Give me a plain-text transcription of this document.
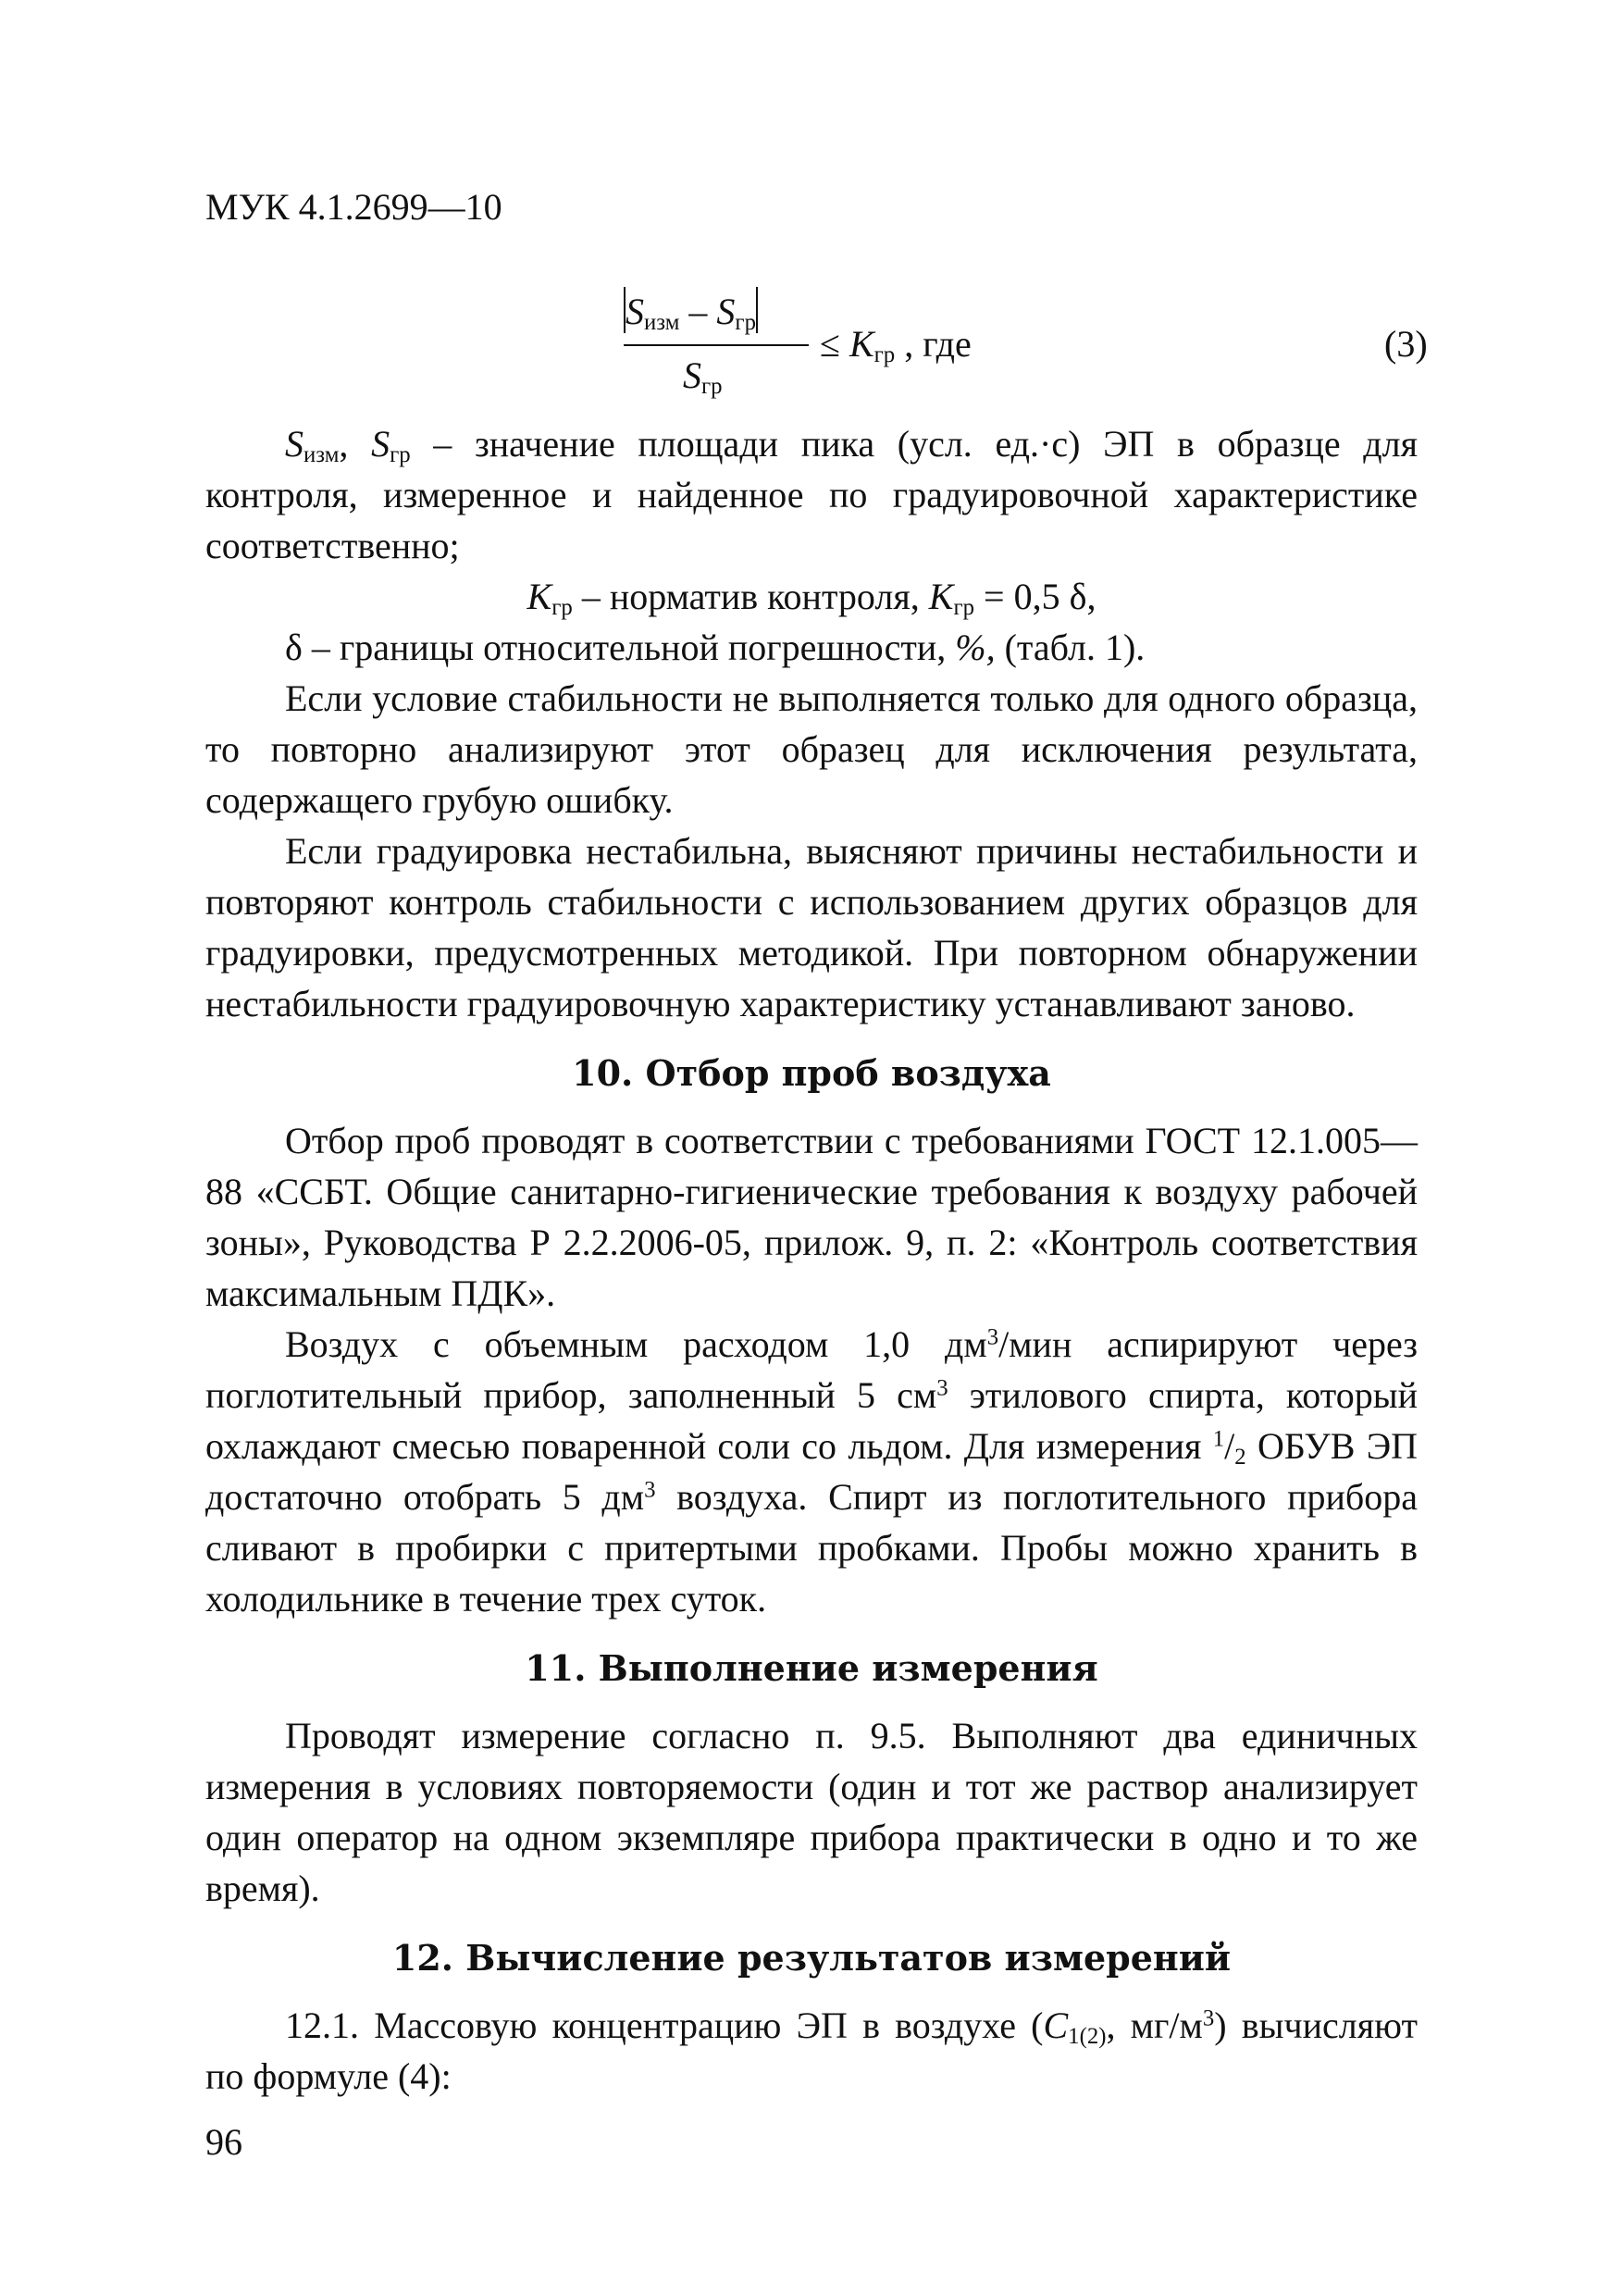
МУК 4.1.2699—10
$S_{изм} - S_{гр}$
$S_{гр}$
≤ $K_{гр}$ , где	(3)

$S_{изм}$, $S_{гр}$ – значение площади пика (усл. ед.·с) ЭП в образце для контроля, измеренное и найденное по градуировочной характеристике соответственно;

$K_{гр}$ – норматив контроля, $K_{гр} = 0,5$ δ,

δ – границы относительной погрешности, %, (табл. 1).

Если условие стабильности не выполняется только для одного образца, то повторно анализируют этот образец для исключения результата, содержащего грубую ошибку.

Если градуировка нестабильна, выясняют причины нестабильности и повторяют контроль стабильности с использованием других образцов для градуировки, предусмотренных методикой. При повторном обнаружении нестабильности градуировочную характеристику устанавливают заново.

10. Отбор проб воздуха

Отбор проб проводят в соответствии с требованиями ГОСТ 12.1.005—88 «ССБТ. Общие санитарно-гигиенические требования к воздуху рабочей зоны», Руководства Р 2.2.2006-05, прилож. 9, п. 2: «Контроль соответствия максимальным ПДК».

Воздух с объемным расходом 1,0 $дм^3$/мин аспирируют через поглотительный прибор, заполненный 5 $см^3$ этилового спирта, который охлаждают смесью поваренной соли со льдом. Для измерения $^1/_2$ ОБУВ ЭП достаточно отобрать 5 $дм^3$ воздуха. Спирт из поглотительного прибора сливают в пробирки с притертыми пробками. Пробы можно хранить в холодильнике в течение трех суток.

11. Выполнение измерения

Проводят измерение согласно п. 9.5. Выполняют два единичных измерения в условиях повторяемости (один и тот же раствор анализирует один оператор на одном экземпляре прибора практически в одно и то же время).

12. Вычисление результатов измерений

12.1. Массовую концентрацию ЭП в воздухе ($C_{1(2)}$, $мг/м^3$) вычисляют по формуле (4):

96
